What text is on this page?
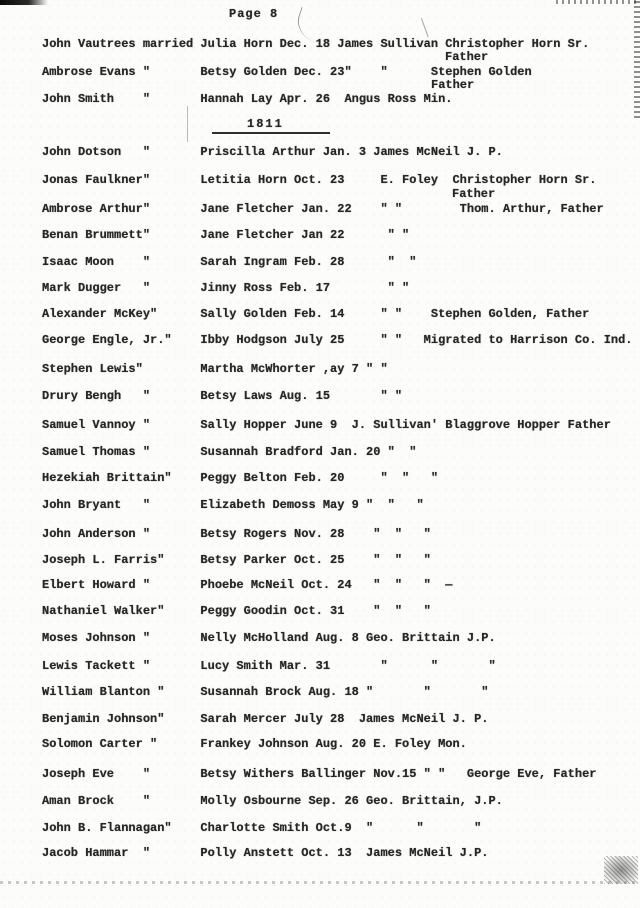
Page 8
1811
John Vautrees married Julia Horn Dec. 18 James Sullivan Christopher Horn Sr.
Father
Ambrose Evans "       Betsy Golden Dec. 23"    "      Stephen Golden
Father
John Smith    "       Hannah Lay Apr. 26  Angus Ross Min.
John Dotson   "       Priscilla Arthur Jan. 3 James McNeil J. P.
Jonas Faulkner"       Letitia Horn Oct. 23     E. Foley  Christopher Horn Sr.
Father
Ambrose Arthur"       Jane Fletcher Jan. 22    " "        Thom. Arthur, Father
Benan Brummett"       Jane Fletcher Jan 22      " "
Isaac Moon    "       Sarah Ingram Feb. 28      "  "
Mark Dugger   "       Jinny Ross Feb. 17        " "
Alexander McKey"      Sally Golden Feb. 14     " "    Stephen Golden, Father
George Engle, Jr."    Ibby Hodgson July 25     " "   Migrated to Harrison Co. Ind.
Stephen Lewis"        Martha McWhorter ,ay 7 " "
Drury Bengh   "       Betsy Laws Aug. 15       " "
Samuel Vannoy "       Sally Hopper June 9  J. Sullivan' Blaggrove Hopper Father
Samuel Thomas "       Susannah Bradford Jan. 20 "  "
Hezekiah Brittain"    Peggy Belton Feb. 20     "  "   "
John Bryant   "       Elizabeth Demoss May 9 "  "   "
John Anderson "       Betsy Rogers Nov. 28    "  "   "
Joseph L. Farris"     Betsy Parker Oct. 25    "  "   "
Elbert Howard "       Phoebe McNeil Oct. 24   "  "   "  —
Nathaniel Walker"     Peggy Goodin Oct. 31    "  "   "
Moses Johnson "       Nelly McHolland Aug. 8 Geo. Brittain J.P.
Lewis Tackett "       Lucy Smith Mar. 31       "      "       "
William Blanton "     Susannah Brock Aug. 18 "       "       "
Benjamin Johnson"     Sarah Mercer July 28  James McNeil J. P.
Solomon Carter "      Frankey Johnson Aug. 20 E. Foley Mon.
Joseph Eve    "       Betsy Withers Ballinger Nov.15 " "   George Eve, Father
Aman Brock    "       Molly Osbourne Sep. 26 Geo. Brittain, J.P.
John B. Flannagan"    Charlotte Smith Oct.9  "      "       "
Jacob Hammar  "       Polly Anstett Oct. 13  James McNeil J.P.
